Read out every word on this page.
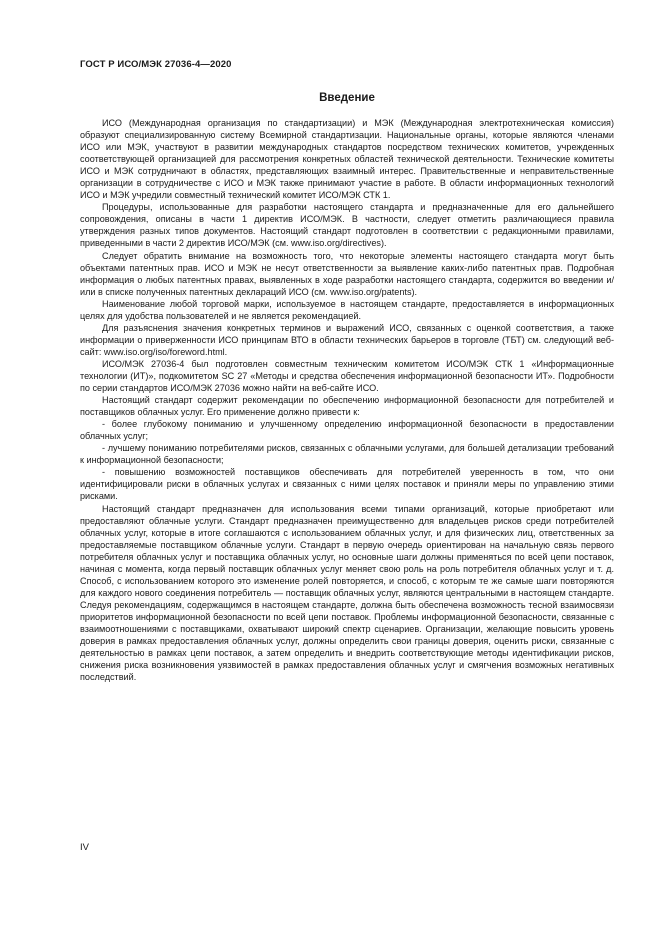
ГОСТ Р ИСО/МЭК 27036-4—2020
Введение

ИСО (Международная организация по стандартизации) и МЭК (Международная электротехническая комиссия) образуют специализированную систему Всемирной стандартизации. Национальные органы, которые являются членами ИСО или МЭК, участвуют в развитии международных стандартов посредством технических комитетов, учрежденных соответствующей организацией для рассмотрения конкретных областей технической деятельности. Технические комитеты ИСО и МЭК сотрудничают в областях, представляющих взаимный интерес. Правительственные и неправительственные организации в сотрудничестве с ИСО и МЭК также принимают участие в работе. В области информационных технологий ИСО и МЭК учредили совместный технический комитет ИСО/МЭК СТК 1.

Процедуры, использованные для разработки настоящего стандарта и предназначенные для его дальнейшего сопровождения, описаны в части 1 директив ИСО/МЭК. В частности, следует отметить различающиеся правила утверждения разных типов документов. Настоящий стандарт подготовлен в соответствии с редакционными правилами, приведенными в части 2 директив ИСО/МЭК (см. www.iso.org/directives).

Следует обратить внимание на возможность того, что некоторые элементы настоящего стандарта могут быть объектами патентных прав. ИСО и МЭК не несут ответственности за выявление каких-либо патентных прав. Подробная информация о любых патентных правах, выявленных в ходе разработки настоящего стандарта, содержится во введении и/или в списке полученных патентных деклараций ИСО (см. www.iso.org/patents).

Наименование любой торговой марки, используемое в настоящем стандарте, предоставляется в информационных целях для удобства пользователей и не является рекомендацией.

Для разъяснения значения конкретных терминов и выражений ИСО, связанных с оценкой соответствия, а также информации о приверженности ИСО принципам ВТО в области технических барьеров в торговле (ТБТ) см. следующий веб-сайт: www.iso.org/iso/foreword.html.

ИСО/МЭК 27036-4 был подготовлен совместным техническим комитетом ИСО/МЭК СТК 1 «Информационные технологии (ИТ)», подкомитетом SC 27 «Методы и средства обеспечения информационной безопасности ИТ». Подробности по серии стандартов ИСО/МЭК 27036 можно найти на веб-сайте ИСО.

Настоящий стандарт содержит рекомендации по обеспечению информационной безопасности для потребителей и поставщиков облачных услуг. Его применение должно привести к:

- более глубокому пониманию и улучшенному определению информационной безопасности в предоставлении облачных услуг;

- лучшему пониманию потребителями рисков, связанных с облачными услугами, для большей детализации требований к информационной безопасности;

- повышению возможностей поставщиков обеспечивать для потребителей уверенность в том, что они идентифицировали риски в облачных услугах и связанных с ними целях поставок и приняли меры по управлению этими рисками.

Настоящий стандарт предназначен для использования всеми типами организаций, которые приобретают или предоставляют облачные услуги. Стандарт предназначен преимущественно для владельцев рисков среди потребителей облачных услуг, которые в итоге соглашаются с использованием облачных услуг, и для физических лиц, ответственных за предоставляемые поставщиком облачные услуги. Стандарт в первую очередь ориентирован на начальную связь первого потребителя облачных услуг и поставщика облачных услуг, но основные шаги должны применяться по всей цепи поставок, начиная с момента, когда первый поставщик облачных услуг меняет свою роль на роль потребителя облачных услуг и т. д. Способ, с использованием которого это изменение ролей повторяется, и способ, с которым те же самые шаги повторяются для каждого нового соединения потребитель — поставщик облачных услуг, являются центральными в настоящем стандарте. Следуя рекомендациям, содержащимся в настоящем стандарте, должна быть обеспечена возможность тесной взаимосвязи приоритетов информационной безопасности по всей цепи поставок. Проблемы информационной безопасности, связанные с взаимоотношениями с поставщиками, охватывают широкий спектр сценариев. Организации, желающие повысить уровень доверия в рамках предоставления облачных услуг, должны определить свои границы доверия, оценить риски, связанные с деятельностью в рамках цепи поставок, а затем определить и внедрить соответствующие методы идентификации рисков, снижения риска возникновения уязвимостей в рамках предоставления облачных услуг и смягчения возможных негативных последствий.

IV
